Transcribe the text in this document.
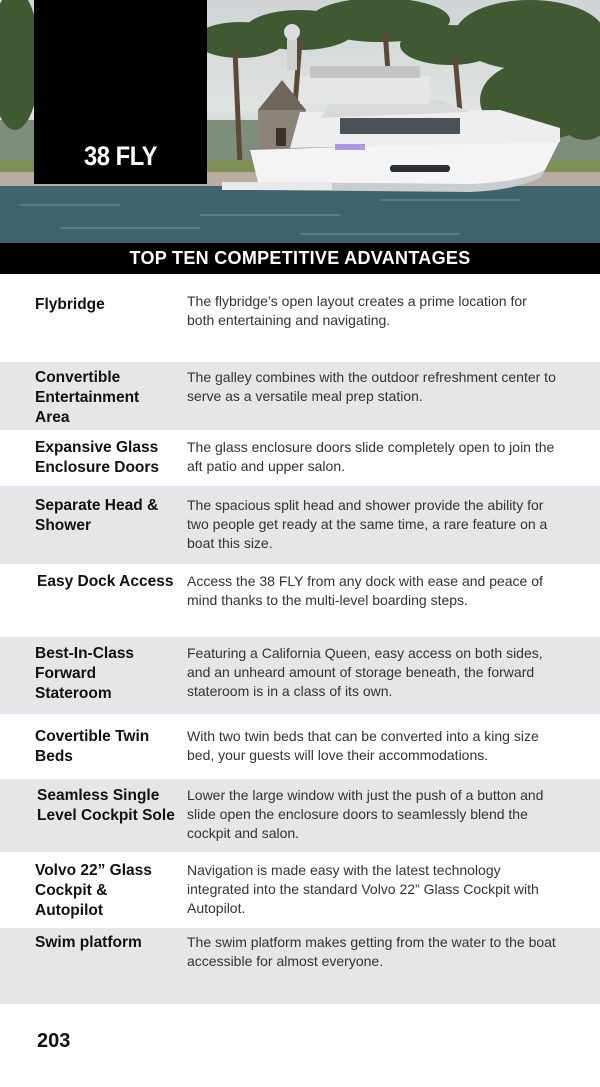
38 FLY
TOP TEN COMPETITIVE ADVANTAGES
Flybridge	The flybridge’s open layout creates a prime location for both entertaining and navigating.
Convertible Entertainment Area
The galley combines with the outdoor refreshment center to serve as a versatile meal prep station.
Expansive Glass Enclosure Doors
The glass enclosure doors slide completely open to join the aft patio and upper salon.
Separate Head & Shower
The spacious split head and shower provide the ability for two people get ready at the same time, a rare feature on a boat this size.
Easy Dock Access Access the 38 FLY from any dock with ease and peace of mind thanks to the multi-level boarding steps.
Best-In-Class Forward Stateroom
Featuring a California Queen, easy access on both sides, and an unheard amount of storage beneath, the forward stateroom is in a class of its own.
Covertible Twin Beds
With two twin beds that can be converted into a king size bed, your guests will love their accommodations.
Seamless Single Level Cockpit Sole
Lower the large window with just the push of a button and slide open the enclosure doors to seamlessly blend the cockpit and salon.
Volvo 22” Glass Cockpit & Autopilot
Navigation is made easy with the latest technology integrated into the standard Volvo 22” Glass Cockpit with Autopilot.
Swim platform	The swim platform makes getting from the water to the boat accessible for almost everyone.
203
